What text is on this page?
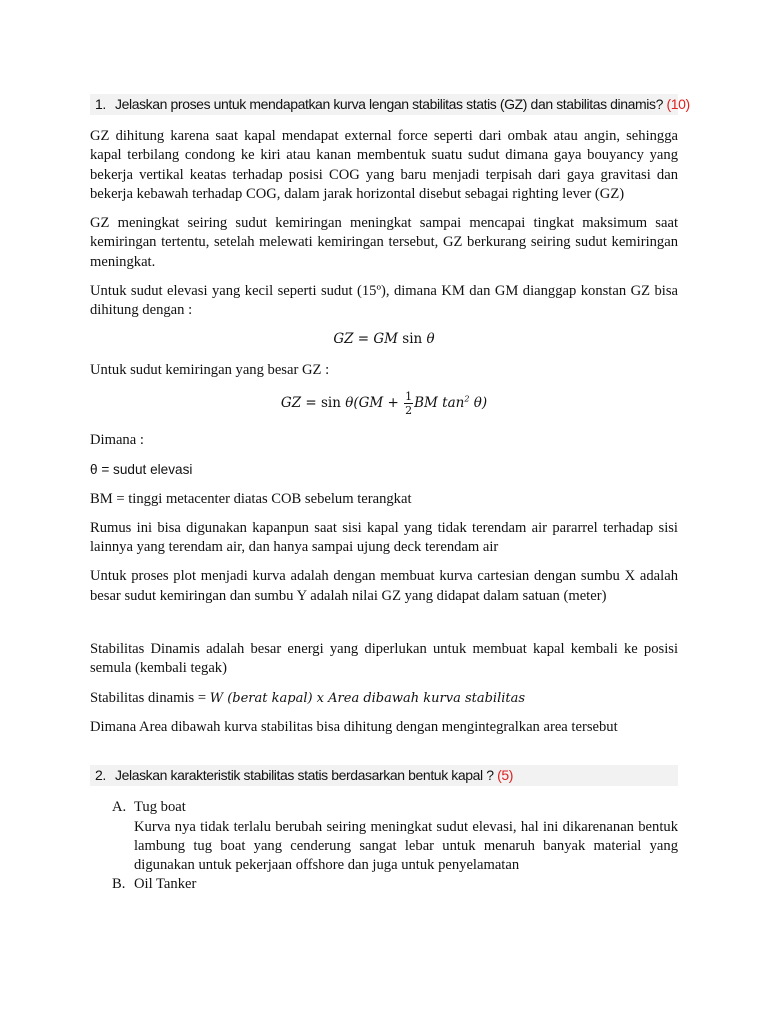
1. Jelaskan proses untuk mendapatkan kurva lengan stabilitas statis (GZ) dan stabilitas dinamis? (10)

GZ dihitung karena saat kapal mendapat external force seperti dari ombak atau angin, sehingga kapal terbilang condong ke kiri atau kanan membentuk suatu sudut dimana gaya bouyancy yang bekerja vertikal keatas terhadap posisi COG yang baru menjadi terpisah dari gaya gravitasi dan bekerja kebawah terhadap COG, dalam jarak horizontal disebut sebagai righting lever (GZ)

GZ meningkat seiring sudut kemiringan meningkat sampai mencapai tingkat maksimum saat kemiringan tertentu, setelah melewati kemiringan tersebut, GZ berkurang seiring sudut kemiringan meningkat.

Untuk sudut elevasi yang kecil seperti sudut (15º), dimana KM dan GM dianggap konstan GZ bisa dihitung dengan :

GZ = GM sin θ

Untuk sudut kemiringan yang besar GZ :

GZ = $\sin \theta(GM + \frac{1}{2}$ BM $\tan^2 \theta$)

Dimana :

θ = sudut elevasi

BM = tinggi metacenter diatas COB sebelum terangkat

Rumus ini bisa digunakan kapanpun saat sisi kapal yang tidak terendam air pararrel terhadap sisi lainnya yang terendam air, dan hanya sampai ujung deck terendam air

Untuk proses plot menjadi kurva adalah dengan membuat kurva cartesian dengan sumbu X adalah besar sudut kemiringan dan sumbu Y adalah nilai GZ yang didapat dalam satuan (meter)

Stabilitas Dinamis adalah besar energi yang diperlukan untuk membuat kapal kembali ke posisi semula (kembali tegak)

Stabilitas dinamis = W (berat kapal) x Area dibawah kurva stabilitas

Dimana Area dibawah kurva stabilitas bisa dihitung dengan mengintegralkan area tersebut

2. Jelaskan karakteristik stabilitas statis berdasarkan bentuk kapal ? (5)
A. Tug boat
Kurva nya tidak terlalu berubah seiring meningkat sudut elevasi, hal ini dikarenanan bentuk lambung tug boat yang cenderung sangat lebar untuk menaruh banyak material yang digunakan untuk pekerjaan offshore dan juga untuk penyelamatan
B. Oil Tanker
